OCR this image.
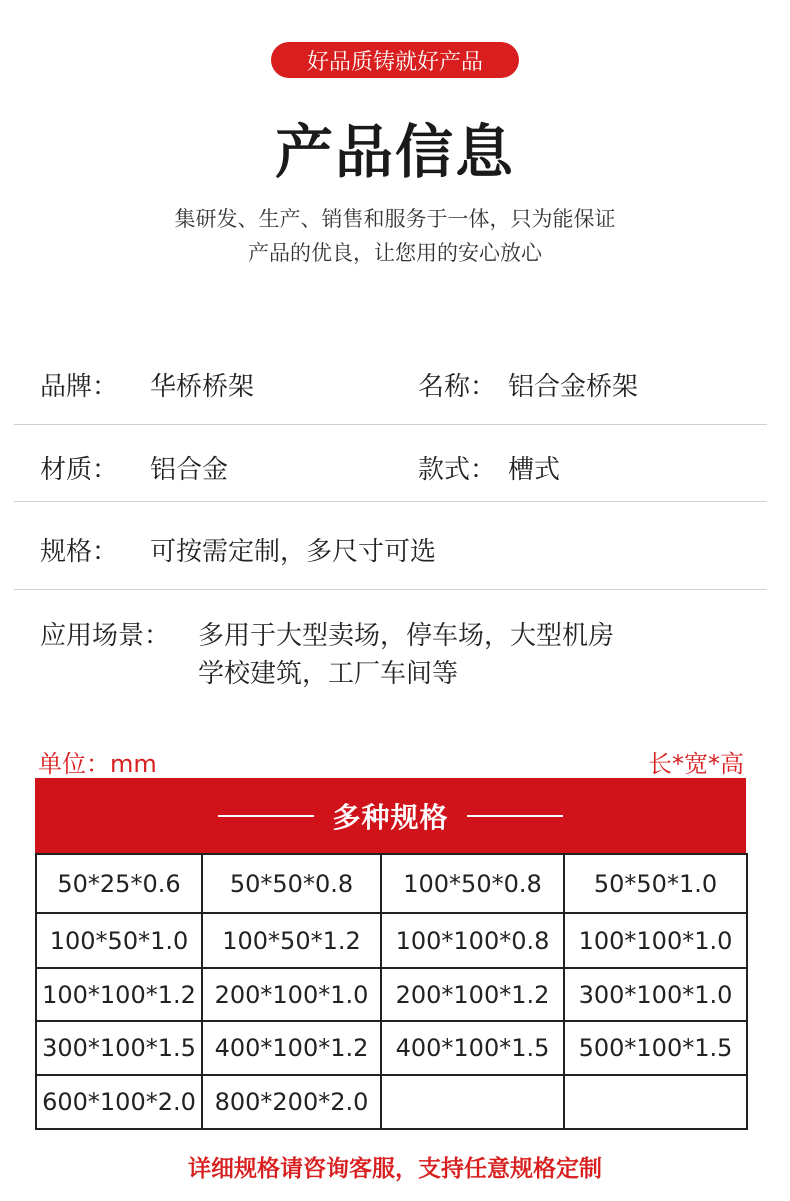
好品质铸就好产品
产品信息
集研发、生产、销售和服务于一体，只为能保证
产品的优良，让您用的安心放心
品牌： 华桥桥架	名称： 铝合金桥架
材质： 铝合金	款式： 槽式
规格： 可按需定制，多尺寸可选
应用场景： 多用于大型卖场，停车场，大型机房
学校建筑，工厂车间等
单位：mm	长*宽*高
多种规格
50*25*0.6	50*50*0.8	100*50*0.8	50*50*1.0
100*50*1.0	100*50*1.2	100*100*0.8	100*100*1.0
100*100*1.2	200*100*1.0	200*100*1.2	300*100*1.0
300*100*1.5	400*100*1.2	400*100*1.5	500*100*1.5
600*100*2.0	800*200*2.0		
详细规格请咨询客服，支持任意规格定制
